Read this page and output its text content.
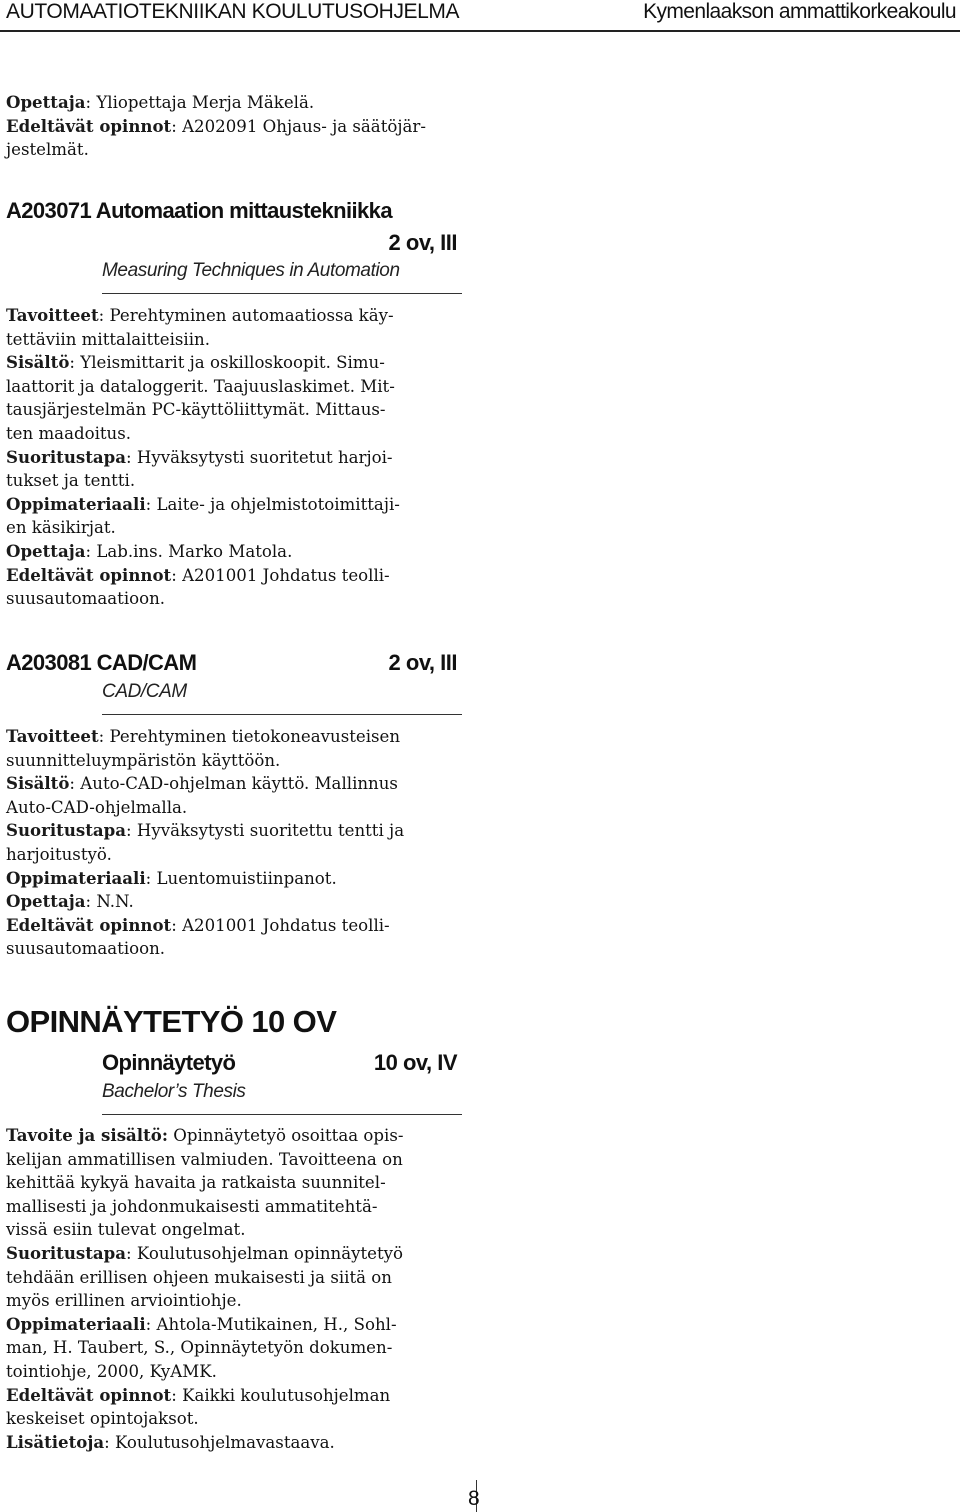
AUTOMAATIOTEKNIIKAN KOULUTUSOHJELMA	Kymenlaakson ammattikorkeakoulu
Opettaja: Yliopettaja Merja Mäkelä.
Edeltävät opinnot: A202091 Ohjaus- ja säätöjär-
jestelmät.
A203071 Automaation mittaustekniikka
2 ov, III
Measuring Techniques in Automation
Tavoitteet: Perehtyminen automaatiossa käy-
tettäviin mittalaitteisiin.
Sisältö: Yleismittarit ja oskilloskoopit. Simu-
laattorit ja dataloggerit. Taajuuslaskimet. Mit-
tausjärjestelmän PC-käyttöliittymät. Mittaus-
ten maadoitus.
Suoritustapa: Hyväksytysti suoritetut harjoi-
tukset ja tentti.
Oppimateriaali: Laite- ja ohjelmistotoimittaji-
en käsikirjat.
Opettaja: Lab.ins. Marko Matola.
Edeltävät opinnot: A201001 Johdatus teolli-
suusautomaatioon.
A203081 CAD/CAM	2 ov, III
CAD/CAM
Tavoitteet: Perehtyminen tietokoneavusteisen
suunnitteluympäristön käyttöön.
Sisältö: Auto-CAD-ohjelman käyttö. Mallinnus
Auto-CAD-ohjelmalla.
Suoritustapa: Hyväksytysti suoritettu tentti ja
harjoitustyö.
Oppimateriaali: Luentomuistiinpanot.
Opettaja: N.N.
Edeltävät opinnot: A201001 Johdatus teolli-
suusautomaatioon.
OPINNÄYTETYÖ 10 OV
Opinnäytetyö	10 ov, IV
Bachelor’s Thesis
Tavoite ja sisältö: Opinnäytetyö osoittaa opis-
kelijan ammatillisen valmiuden. Tavoitteena on
kehittää kykyä havaita ja ratkaista suunnitel-
mallisesti ja johdonmukaisesti ammatitehtä-
vissä esiin tulevat ongelmat.
Suoritustapa: Koulutusohjelman opinnäytetyö
tehdään erillisen ohjeen mukaisesti ja siitä on
myös erillinen arviointiohje.
Oppimateriaali: Ahtola-Mutikainen, H., Sohl-
man, H. Taubert, S., Opinnäytetyön dokumen-
tointiohje, 2000, KyAMK.
Edeltävät opinnot: Kaikki koulutusohjelman
keskeiset opintojaksot.
Lisätietoja: Koulutusohjelmavastaava.
8
